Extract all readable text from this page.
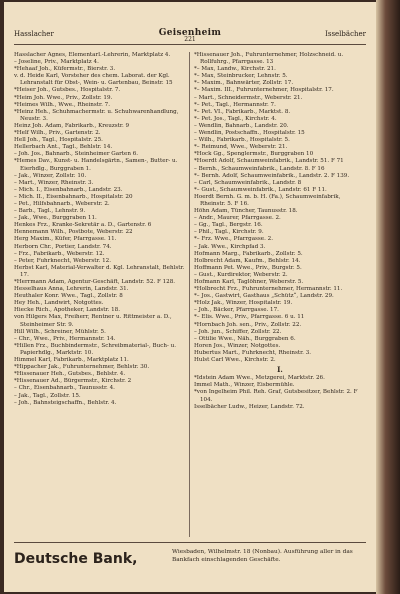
Hasslacher	Geisenheim	Isselbächer
221

Hasslacher Agnes, Elementarl.-Lehrerin, Marktplatz 4.

– Joseline, Priv., Marktplatz 4.

*Hehaaf Joh., Küfermstr., Bierstr. 3.

v. d. Heide Karl, Vorsteher des chem. Laborat. der Kgl. Lehranstalt für Obst-, Wein- u. Gartenbau, Beinstr. 15

*Heiser Joh., Gutsbes., Hospitalstr. 7.

*Heim Joh. Wwe., Priv., Zollstr. 19.

*Heimes Wilh., Wwe., Rheinstr. 7.

*Heinz Heh., Schuhmachermstr. u. Schuhwarenhandlung, Neustr. 3.

Heinz Joh. Adam, Fabrikarb., Kreuzstr. 9

*Helf Wilh., Priv., Gartenstr. 2.

Hell Joh., Tagl., Hospitalstr. 25.

Hellerbach Ant., Tagl., Behlstr. 14.

– Joh. Jos., Bahnarb., Steinheimer Garten 6.

*Hemes Dav., Kunst- u. Handelsgärtn., Samen-, Butter- u. Eierhdlg., Burggraben 1.

– Jak., Winzer, Zollstr. 10.

– Mart., Winzer, Rheinstr. 3.

– Mich. I., Eisenbahnarb., Landstr. 23.

– Mich. II., Eisenbahnarb., Hospitalstr. 20

– Pet., Hilfsbahnarb., Weberstr. 2.

– Barb., Tagl., Lehnstr. 9.

– Jak., Wwe., Burggraben 11.

Henkes Frz., Kranke-Sekretär a. D., Gartenstr. 6

Hennemann Wilh., Postbote, Weberstr. 22

Herg Maxim., Küfer, Pfarrgasse. 11.

Herborn Chr., Portier, Landstr. 74.

– Frz., Fabrikarb., Weberstr. 12.

– Peter, Fuhrknecht, Weberstr. 12.

Herbst Karl, Material-Verwalter d. Kgl. Lehranstalt, Behlstr. 17.

*Herrmann Adam, Agentur-Geschäft, Landstr. 52. F 128.

Hesselhaus Anna, Lehrerin, Landstr. 31.

Heuthaler Konr. Wwe., Tagl., Zollstr. 8

Hey Heh., Landwirt, Notgottes.

Hiecke Rich., Apotheker, Landstr. 18.

von Hilgers Max, Freiherr, Rentner u. Rittmeister a. D., Steinheimer Str. 9.

Hill Wilh., Schreiner, Mühlstr. 5.

– Chr., Wwe., Priv., Hermannstr. 14.

*Hillen Frz., Buchbindermstr., Schreibmaterial-, Buch- u. Papierhdlg., Marktstr. 10.

Himmel Karl, Fabrikarb., Marktplatz 11.

*Hippacher Jak., Fuhrunternehmer, Behlstr. 30.

*Hissenauer Heh., Gutsbes., Behlstr. 4.

*Hissenauer Ad., Bürgermstr., Kirchstr. 2

– Chr., Eisenbahnarb., Taunusstr. 4.

– Jak., Tagl., Zollstr. 15.

– Joh., Bahnsteigschaffn., Behlstr. 4.

*Hissenauer Joh., Fuhrunternehmer, Holzschneid. u. Rollfuhrg., Pfarrgasse. 13

*– Max, Landw., Kirchstr. 21.

*– Max, Steinbrucker, Lehnstr. 5.

*– Maxim., Bahnwärter, Zollstr. 17.

*– Maxim. III., Fuhrunternehmer, Hospitalstr. 17.

– Mart., Schneidermstr., Weberstr. 21.

*– Pet., Tagl., Hermannstr. 7.

*– Pet. VI., Fabrikarb., Marktst. 8.

*– Pet. Jos., Tagl., Kirchstr. 4.

– Wendlin, Bahnarb., Landstr. 20.

– Wendlin, Postschaffn., Hospitalstr. 15

– Wilh., Fabrikarb., Hospitalstr. 5.

*– Reimund, Wwe., Weberstr. 21.

*Hock Gg., Spenglermstr., Burggraben 10

*Hoerdt Adolf, Schaumweinfabrik., Landstr. 51. F 71

– Bernh., Schaumweinfabrik., Landstr. 8. F 16

*– Bernh. Adolf, Schaumweinfabrik., Landstr. 2. F 139.

– Carl, Schaumweinfabrik., Landstr. 8

*– Gust., Schaumweinfabrik., Landstr. 61 F 11.

Hoerdt Bernh. G. m. b. H. (Fa.), Schaumweinfabrik, Rheinstr. 5. F 16.

Höhn Adam, Tüncher, Taunusstr. 18.

– Andr., Maurer, Pfarrgasse. 2.

– Gg., Tagl., Bergstr. 16.

– Phil., Tagl., Kirchstr. 9.

*– Frz. Wwe., Pfarrgasse. 2.

– Jak. Wwe., Kirchpfad 3.

Hofmann Marg., Fabrikarb., Zollstr. 5.

Holbrecht Adam, Kaufm., Behlstr. 14.

Hoffmann Pet. Wwe., Priv., Burgstr. 5.

– Gust., Kurdirektor, Weberstr. 2.

Hofmann Karl, Taglöhner, Weberstr. 5.

*Holbrecht Frz., Fuhrunternehmer, Hermannstr. 11.

*– Jos., Gastwirt, Gasthaus „Schütz“, Landstr. 29.

*Holz Jak., Winzer, Hospitalstr. 19.

– Joh., Bäcker, Pfarrgasse. 17.

*– Elis. Wwe., Priv., Pfarrgasse. 6 u. 11

*Hornbach Joh. sen., Priv., Zollstr. 22.

– Joh. jun., Schiffer, Zollstr. 22.

– Ottilie Wwe., Näh., Burggraben 6.

Horen Jos., Winzer, Notgottes.

Hubertus Mart., Fuhrknecht, Rheinstr. 3.

Hulst Carl Wwe., Kirchstr. 2.

I.

*Idstein Adam Wwe., Metzgerei, Marktstr. 26.

Immel Math., Winzer, Eisbermühle.

*von Ingelheim Phil. Reh. Graf, Gutsbesitzer, Behlstr. 2. F 104.

Isselbächer Ludw., Heizer, Landstr. 72.

Deutsche Bank,	Wiesbaden, Wilhelmstr. 18 (Nonbau). Ausführung aller in das Bankfach einschlagenden Geschäfte.
